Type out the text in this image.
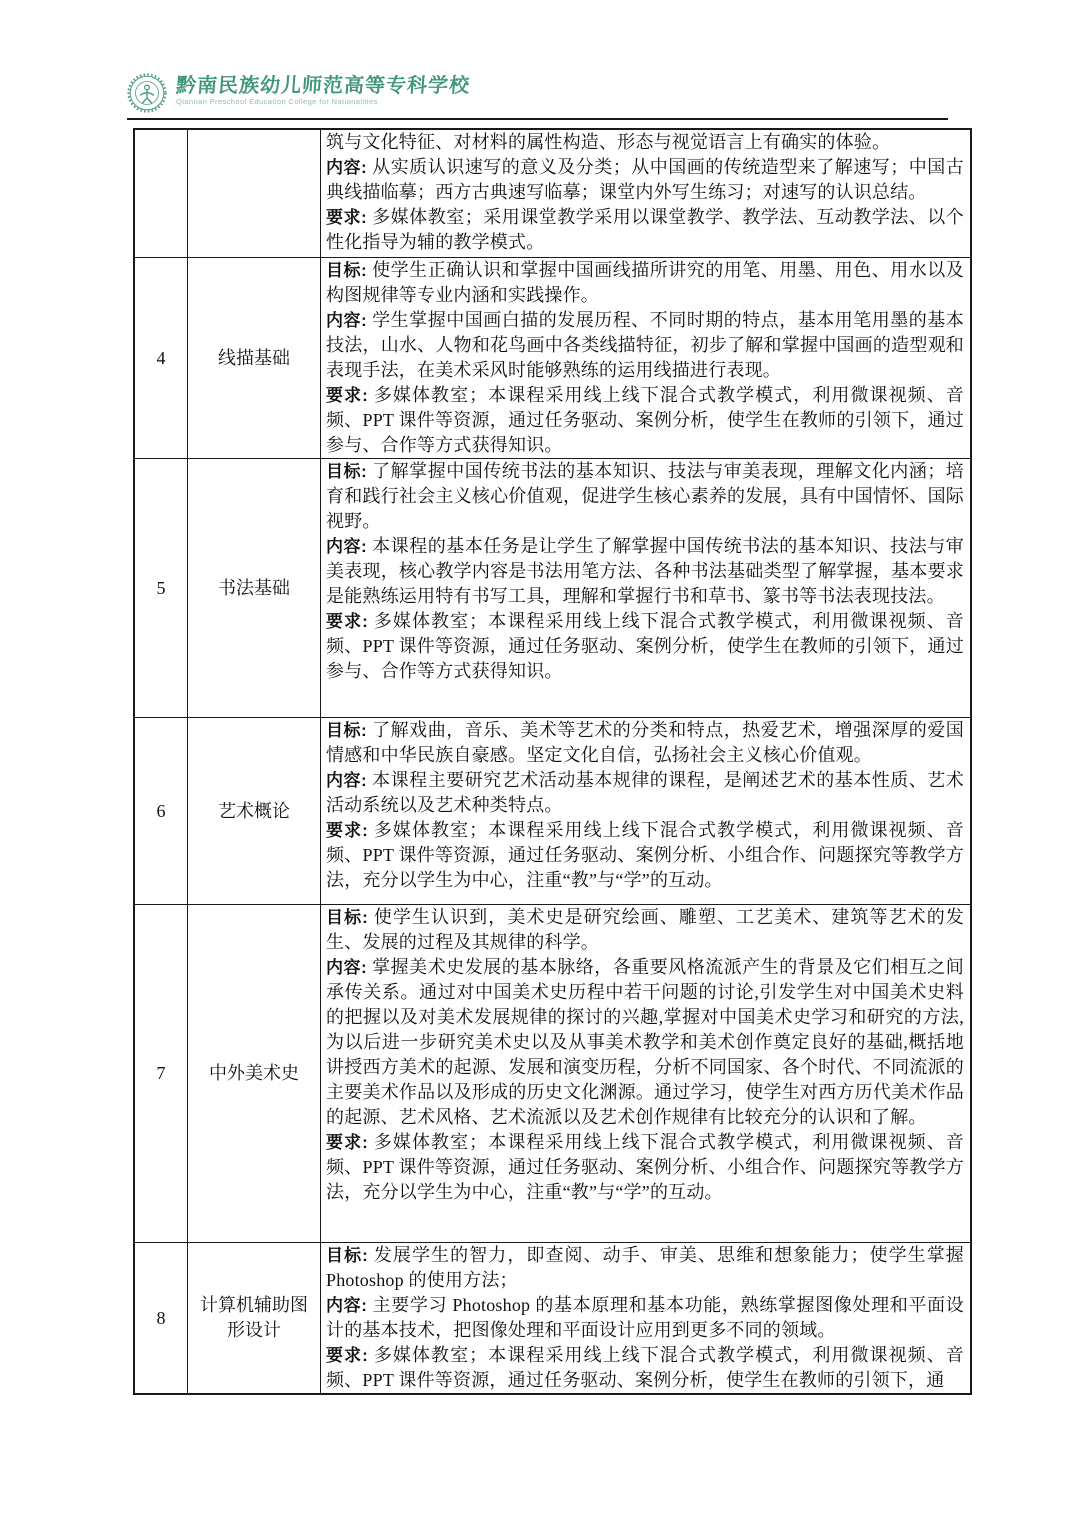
黔南民族幼儿师范高等专科学校
Qiannan Preschool Education College for Nationalities

		筑与文化特征、对材料的属性构造、形态与视觉语言上有确实的体验。

内容: 从实质认识速写的意义及分类；从中国画的传统造型来了解速写；中国古典线描临摹；西方古典速写临摹；课堂内外写生练习；对速写的认识总结。

要求: 多媒体教室；采用课堂教学采用以课堂教学、教学法、互动教学法、以个性化指导为辅的教学模式。

4	线描基础	目标: 使学生正确认识和掌握中国画线描所讲究的用笔、用墨、用色、用水以及构图规律等专业内涵和实践操作。

内容: 学生掌握中国画白描的发展历程、不同时期的特点，基本用笔用墨的基本技法，山水、人物和花鸟画中各类线描特征，初步了解和掌握中国画的造型观和表现手法，在美术采风时能够熟练的运用线描进行表现。

要求: 多媒体教室；本课程采用线上线下混合式教学模式，利用微课视频、音频、PPT 课件等资源，通过任务驱动、案例分析，使学生在教师的引领下，通过参与、合作等方式获得知识。

5	书法基础	目标: 了解掌握中国传统书法的基本知识、技法与审美表现，理解文化内涵；培育和践行社会主义核心价值观，促进学生核心素养的发展，具有中国情怀、国际视野。

内容: 本课程的基本任务是让学生了解掌握中国传统书法的基本知识、技法与审美表现，核心教学内容是书法用笔方法、各种书法基础类型了解掌握，基本要求是能熟练运用特有书写工具，理解和掌握行书和草书、篆书等书法表现技法。

要求: 多媒体教室；本课程采用线上线下混合式教学模式，利用微课视频、音频、PPT 课件等资源，通过任务驱动、案例分析，使学生在教师的引领下，通过参与、合作等方式获得知识。

6	艺术概论	目标: 了解戏曲，音乐、美术等艺术的分类和特点，热爱艺术，增强深厚的爱国情感和中华民族自豪感。坚定文化自信，弘扬社会主义核心价值观。

内容: 本课程主要研究艺术活动基本规律的课程，是阐述艺术的基本性质、艺术活动系统以及艺术种类特点。

要求: 多媒体教室；本课程采用线上线下混合式教学模式，利用微课视频、音频、PPT 课件等资源，通过任务驱动、案例分析、小组合作、问题探究等教学方法，充分以学生为中心，注重“教”与“学”的互动。

7	中外美术史	目标: 使学生认识到，美术史是研究绘画、雕塑、工艺美术、建筑等艺术的发生、发展的过程及其规律的科学。

内容: 掌握美术史发展的基本脉络，各重要风格流派产生的背景及它们相互之间承传关系。通过对中国美术史历程中若干问题的讨论,引发学生对中国美术史料的把握以及对美术发展规律的探讨的兴趣,掌握对中国美术史学习和研究的方法,为以后进一步研究美术史以及从事美术教学和美术创作奠定良好的基础,概括地讲授西方美术的起源、发展和演变历程，分析不同国家、各个时代、不同流派的主要美术作品以及形成的历史文化渊源。通过学习，使学生对西方历代美术作品的起源、艺术风格、艺术流派以及艺术创作规律有比较充分的认识和了解。

要求: 多媒体教室；本课程采用线上线下混合式教学模式，利用微课视频、音频、PPT 课件等资源，通过任务驱动、案例分析、小组合作、问题探究等教学方法，充分以学生为中心，注重“教”与“学”的互动。

8	计算机辅助图形设计	目标: 发展学生的智力，即查阅、动手、审美、思维和想象能力；使学生掌握 Photoshop 的使用方法；

内容: 主要学习 Photoshop 的基本原理和基本功能，熟练掌握图像处理和平面设计的基本技术，把图像处理和平面设计应用到更多不同的领域。

要求: 多媒体教室；本课程采用线上线下混合式教学模式，利用微课视频、音频、PPT 课件等资源，通过任务驱动、案例分析，使学生在教师的引领下，通
